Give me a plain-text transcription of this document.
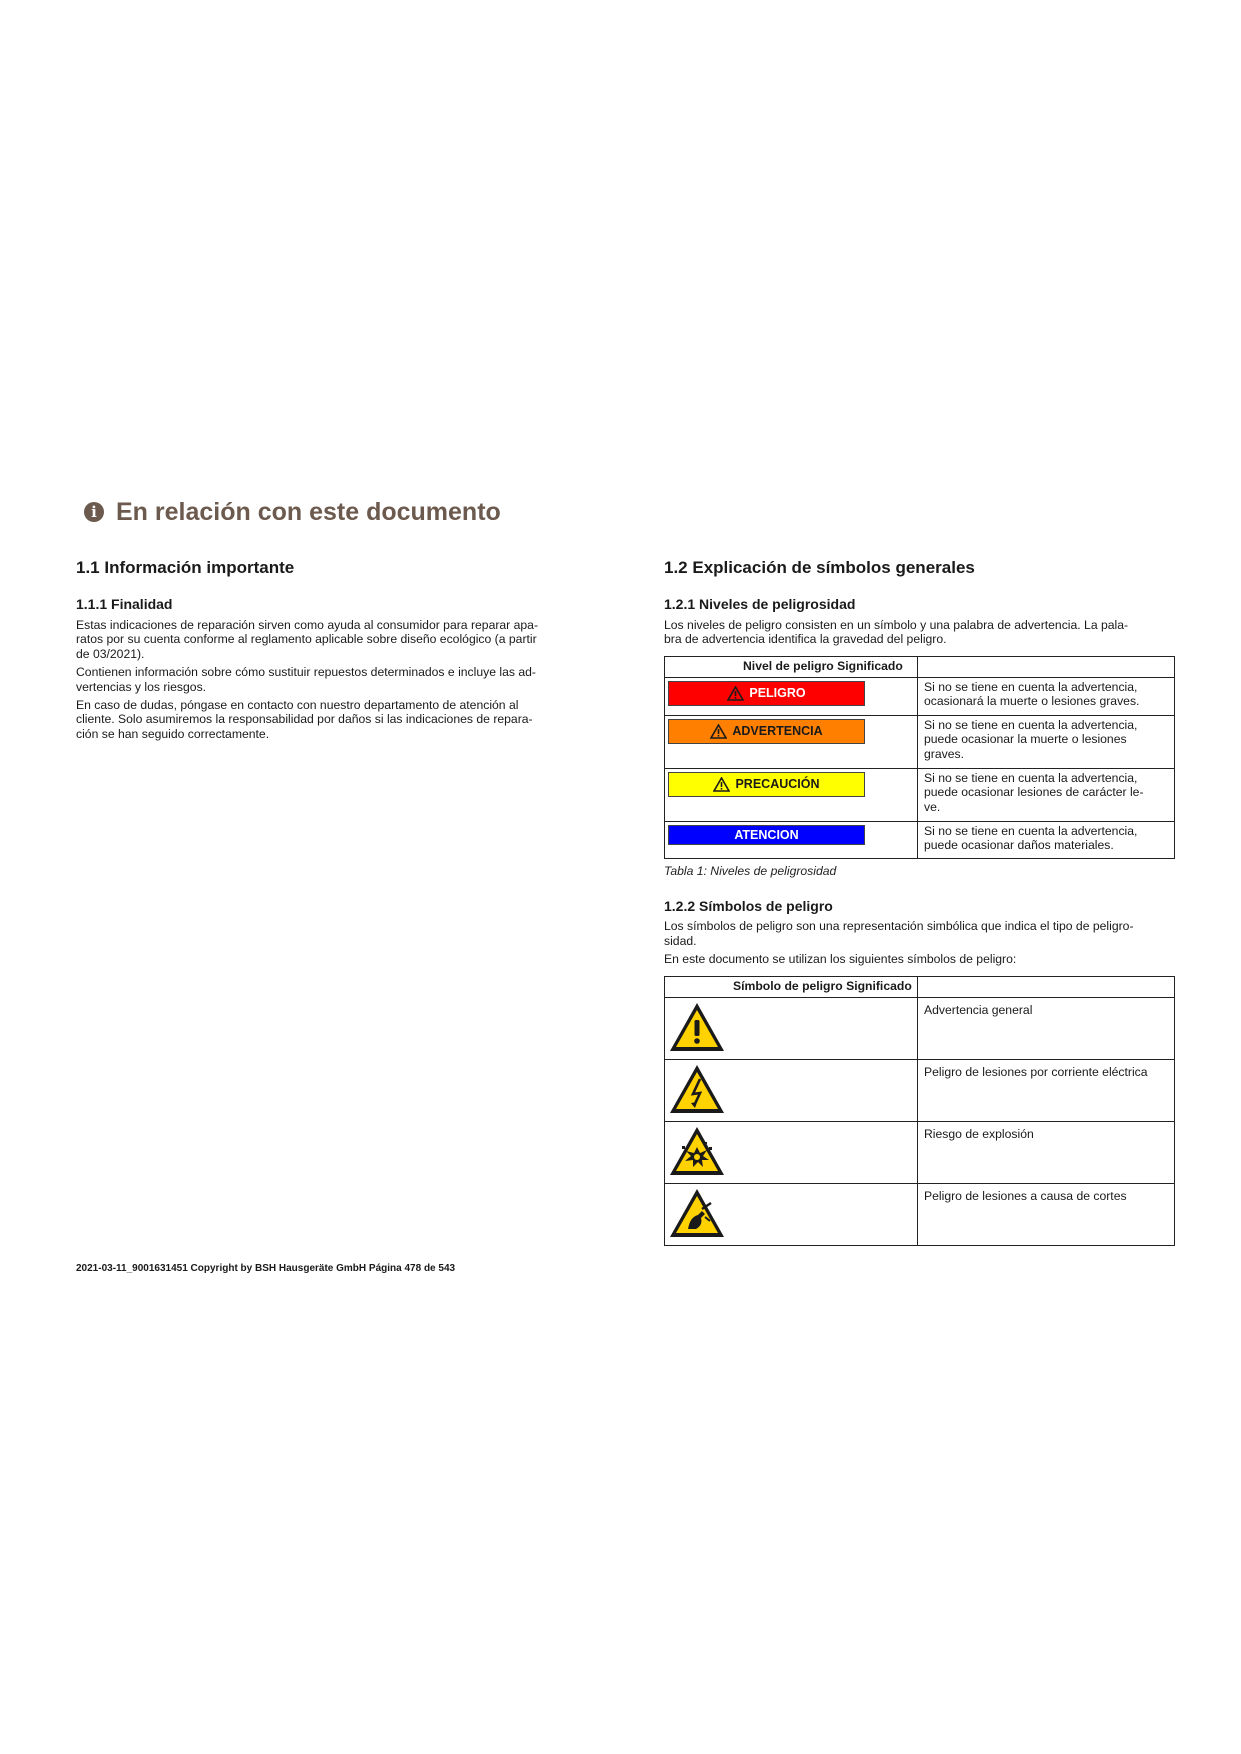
i En relación con este documento
1.1 Información importante
1.1.1 Finalidad

Estas indicaciones de reparación sirven como ayuda al consumidor para reparar apa-
ratos por su cuenta conforme al reglamento aplicable sobre diseño ecológico (a partir
de 03/2021).

Contienen información sobre cómo sustituir repuestos determinados e incluye las ad-
vertencias y los riesgos.

En caso de dudas, póngase en contacto con nuestro departamento de atención al
cliente. Solo asumiremos la responsabilidad por daños si las indicaciones de repara-
ción se han seguido correctamente.

1.2 Explicación de símbolos generales
1.2.1 Niveles de peligrosidad

Los niveles de peligro consisten en un símbolo y una palabra de advertencia. La pala-
bra de advertencia identifica la gravedad del peligro.

Nivel de peligro Significado	

PELIGRO	Si no se tiene en cuenta la advertencia,
ocasionará la muerte o lesiones graves.

ADVERTENCIA	Si no se tiene en cuenta la advertencia,
puede ocasionar la muerte o lesiones
graves.

PRECAUCIÓN	Si no se tiene en cuenta la advertencia,
puede ocasionar lesiones de carácter le-
ve.

ATENCION	Si no se tiene en cuenta la advertencia,
puede ocasionar daños materiales.
Tabla 1: Niveles de peligrosidad
1.2.2 Símbolos de peligro

Los símbolos de peligro son una representación simbólica que indica el tipo de peligro-
sidad.

En este documento se utilizan los siguientes símbolos de peligro:

Símbolo de peligro Significado	
	Advertencia general
	Peligro de lesiones por corriente eléctrica
	Riesgo de explosión
	Peligro de lesiones a causa de cortes
2021-03-11_9001631451 Copyright by BSH Hausgeräte GmbH Página 478 de 543
